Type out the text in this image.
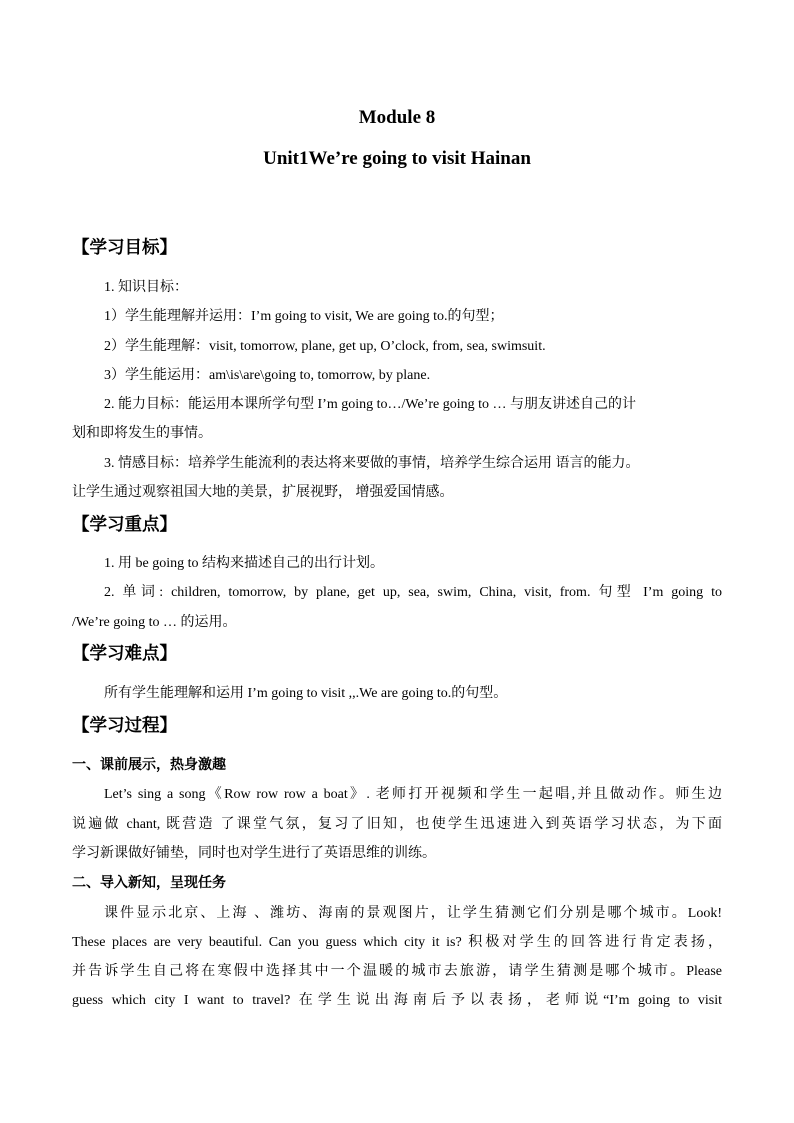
Module 8
Unit1We’re going to visit Hainan
【学习目标】
1. 知识目标：
1）学生能理解并运用：I’m going to visit, We are going to.的句型；
2）学生能理解：visit, tomorrow, plane, get up, O’clock, from, sea, swimsuit.
3）学生能运用：am\is\are\going to, tomorrow, by plane.
2. 能力目标：能运用本课所学句型 I’m going to…/We’re going to … 与朋友讲述自己的计
划和即将发生的事情。
3. 情感目标：培养学生能流利的表达将来要做的事情，培养学生综合运用 语言的能力。
让学生通过观察祖国大地的美景，扩展视野， 增强爱国情感。
【学习重点】
1. 用 be going to 结构来描述自己的出行计划。
2. 单词: children, tomorrow, by plane, get up, sea, swim, China, visit, from. 句型 I’m going to
/We’re going to … 的运用。
【学习难点】
所有学生能理解和运用 I’m going to visit ,,.We are going to.的句型。
【学习过程】
一、课前展示，热身激趣
Let’s sing a song《Row row row a boat》. 老师打开视频和学生一起唱,并且做动作。师生边
说遍做 chant, 既营造 了课堂气氛，复习了旧知，也使学生迅速进入到英语学习状态，为下面
学习新课做好铺垫，同时也对学生进行了英语思维的训练。
二、导入新知，呈现任务
课件显示北京、上海 、潍坊、海南的景观图片，让学生猜测它们分别是哪个城市。Look!
These places are very beautiful. Can you guess which city it is? 积极对学生的回答进行肯定表扬，
并告诉学生自己将在寒假中选择其中一个温暖的城市去旅游，请学生猜测是哪个城市。Please
guess which city I want to travel? 在学生说出海南后予以表扬，老师说“I’m going to visit
